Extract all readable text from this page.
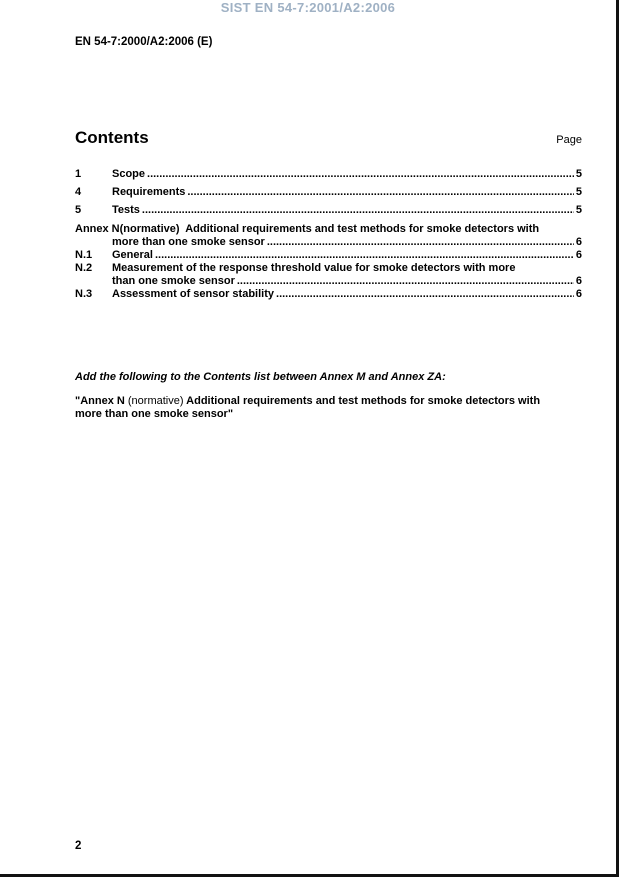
SIST EN 54-7:2001/A2:2006
EN 54-7:2000/A2:2006 (E)
Contents	Page
1	Scope .....	5
4	Requirements .....	5
5	Tests .....	5
Annex N (normative)  Additional requirements and test methods for smoke detectors with
more than one smoke sensor .....	6
N.1	General .....	6
N.2	Measurement of the response threshold value for smoke detectors with more
than one smoke sensor .....	6
N.3	Assessment of sensor stability .....	6

Add the following to the Contents list between Annex M and Annex ZA:

"Annex N (normative) Additional requirements and test methods for smoke detectors with more than one smoke sensor"

2
